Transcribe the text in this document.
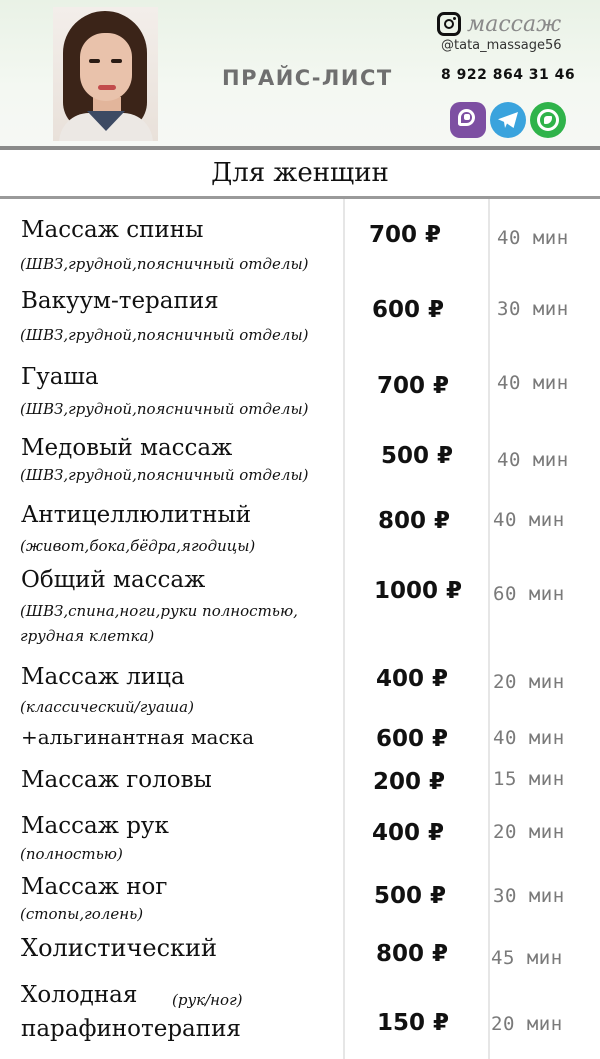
ПРАЙС-ЛИСТ
массаж
@tata_massage56
8 922 864 31 46
Для женщин
Массаж спины
(ШВЗ,грудной,поясничный отделы)
700 ₽	40 мин
Вакуум-терапия
(ШВЗ,грудной,поясничный отделы)
600 ₽	30 мин
Гуаша
(ШВЗ,грудной,поясничный отделы)
700 ₽	40 мин
Медовый массаж
(ШВЗ,грудной,поясничный отделы)
500 ₽ 40 мин
Антицеллюлитный
(живот,бока,бёдра,ягодицы)
800 ₽ 40 мин
Общий массаж
(ШВЗ,спина,ноги,руки полностью,
грудная клетка)
1000 ₽ 60 мин
Массаж лица
(классический/гуаша)
400 ₽ 20 мин
+альгинантная маска	600 ₽ 40 мин
Массаж головы	200 ₽	15 мин
Массаж рук
(полностью)
400 ₽	20 мин
Массаж ног
(стопы,голень)
500 ₽ 30 мин
Холистический	800 ₽ 45 мин
Холодная (рук/ног)
парафинотерапия	150 ₽ 20 мин
